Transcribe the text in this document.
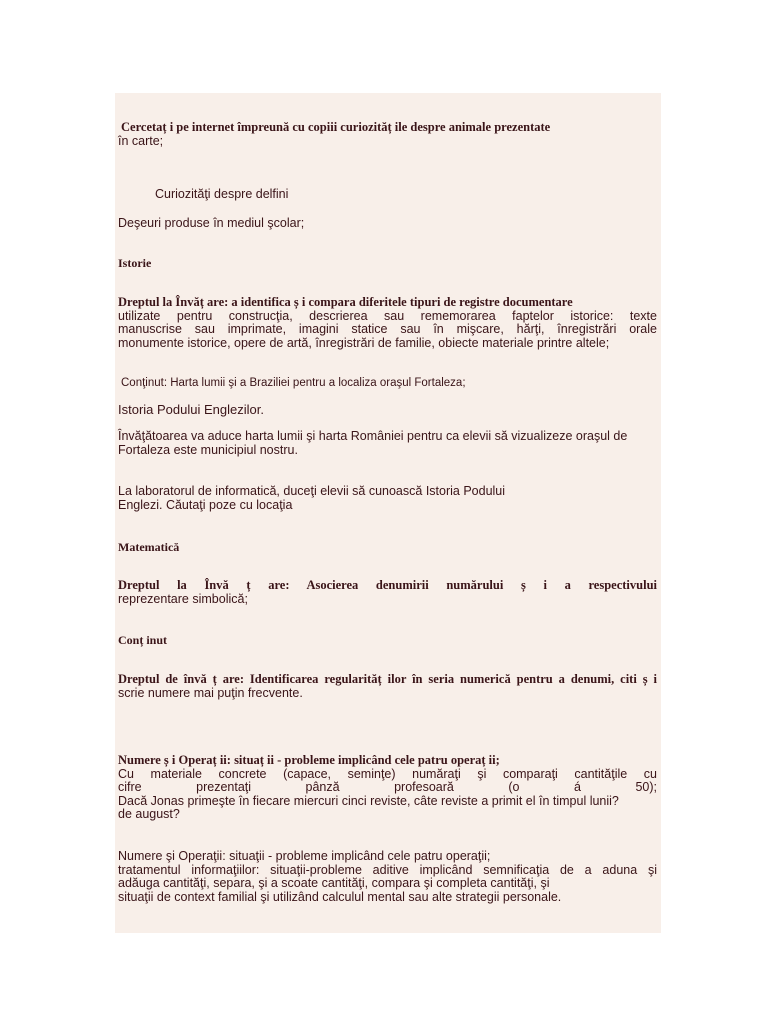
Cercetaț i pe internet împreună cu copiii curiozităț ile despre animale prezentate
în carte;
Curiozităţi despre delfini
Deşeuri produse în mediul şcolar;
Istorie
Dreptul la Învăț are: a identifica ș i compara diferitele tipuri de registre documentare
utilizate pentru construcţia, descrierea sau rememorarea faptelor istorice: texte
manuscrise sau imprimate, imagini statice sau în mişcare, hărţi, înregistrări orale
monumente istorice, opere de artă, înregistrări de familie, obiecte materiale printre altele;
Conţinut: Harta lumii şi a Braziliei pentru a localiza oraşul Fortaleza;
Istoria Podului Englezilor.
Învăţătoarea va aduce harta lumii şi harta României pentru ca elevii să vizualizeze oraşul de
Fortaleza este municipiul nostru.
La laboratorul de informatică, duceţi elevii să cunoască Istoria Podului
Englezi. Căutaţi poze cu locaţia
Matematică
Dreptul la Învă ț are: Asocierea denumirii numărului ș i a respectivului
reprezentare simbolică;
Conț inut
Dreptul de învă ț are: Identificarea regularităț ilor în seria numerică pentru a denumi, citi ș i
scrie numere mai puţin frecvente.
Numere ș i Operaț ii: situaț ii - probleme implicând cele patru operaț ii;
Cu materiale concrete (capace, seminţe) număraţi şi comparaţi cantităţile cu
cifre prezentaţi pânză profesoară (o á 50);
Dacă Jonas primeşte în fiecare miercuri cinci reviste, câte reviste a primit el în timpul lunii?
de august?
Numere şi Operaţii: situaţii - probleme implicând cele patru operaţii;
tratamentul informaţiilor: situaţii-probleme aditive implicând semnificaţia de a aduna şi
adăuga cantităţi, separa, şi a scoate cantităţi, compara şi completa cantităţi, şi
situaţii de context familial şi utilizând calculul mental sau alte strategii personale.
